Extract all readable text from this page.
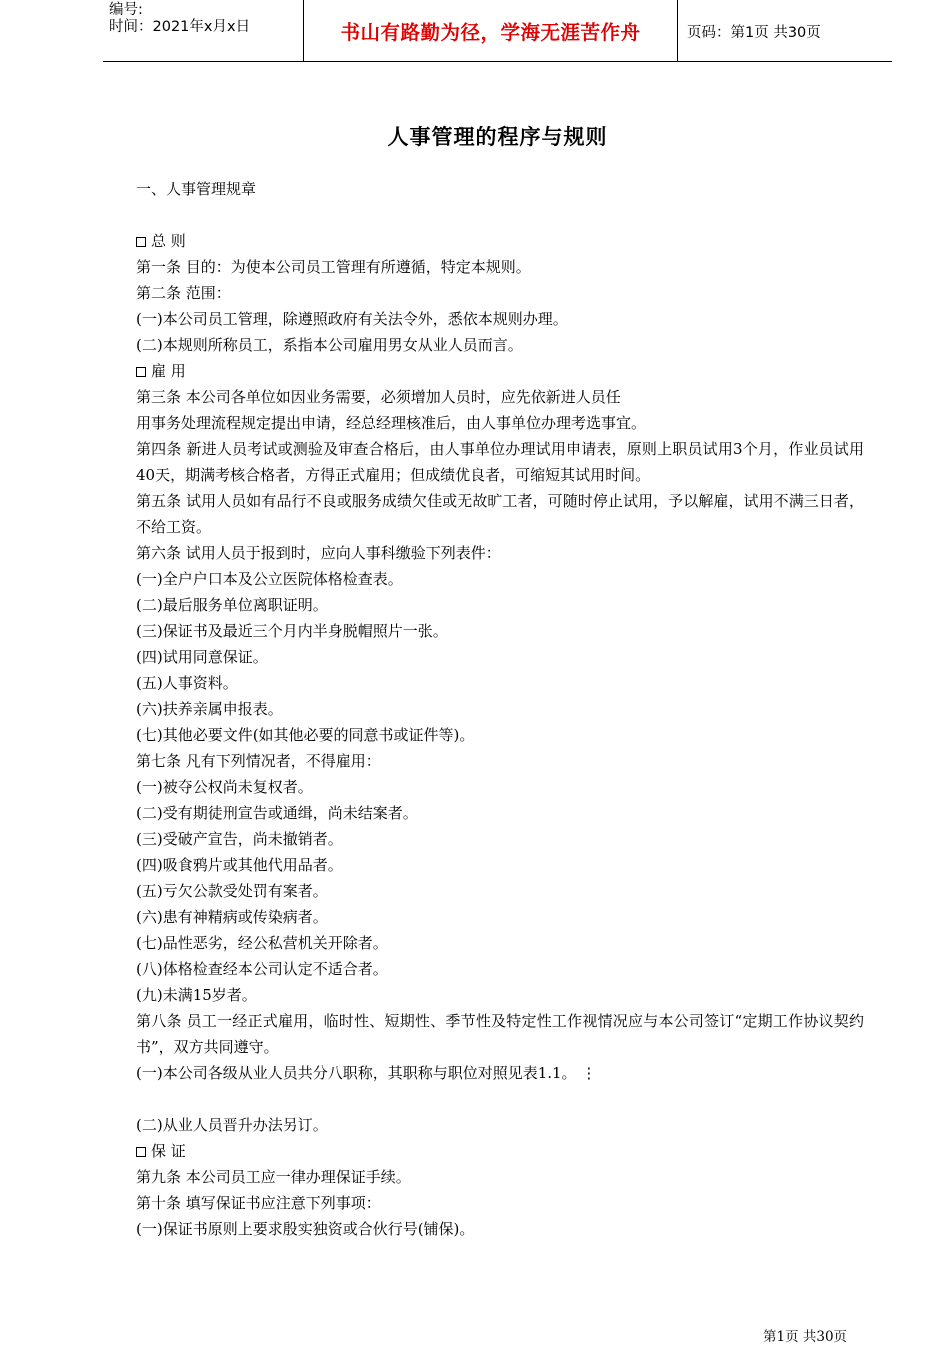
编号:
时间：2021年x月x日	书山有路勤为径，学海无涯苦作舟	页码：第1页 共30页
人事管理的程序与规则
一、人事管理规章
总 则
第一条 目的：为使本公司员工管理有所遵循，特定本规则。
第二条 范围：
(一)本公司员工管理，除遵照政府有关法令外，悉依本规则办理。
(二)本规则所称员工，系指本公司雇用男女从业人员而言。
雇 用
第三条 本公司各单位如因业务需要，必须增加人员时，应先依新进人员任
用事务处理流程规定提出申请，经总经理核准后，由人事单位办理考选事宜。
第四条 新进人员考试或测验及审查合格后，由人事单位办理试用申请表，原则上职员试用3个月，作业员试用40天，期满考核合格者，方得正式雇用；但成绩优良者，可缩短其试用时间。
第五条 试用人员如有品行不良或服务成绩欠佳或无故旷工者，可随时停止试用，予以解雇，试用不满三日者，不给工资。
第六条 试用人员于报到时，应向人事科缴验下列表件：
(一)全户户口本及公立医院体格检查表。
(二)最后服务单位离职证明。
(三)保证书及最近三个月内半身脱帽照片一张。
(四)试用同意保证。
(五)人事资料。
(六)扶养亲属申报表。
(七)其他必要文件(如其他必要的同意书或证件等)。
第七条 凡有下列情况者，不得雇用：
(一)被夺公权尚未复权者。
(二)受有期徒刑宣告或通缉，尚未结案者。
(三)受破产宣告，尚未撤销者。
(四)吸食鸦片或其他代用品者。
(五)亏欠公款受处罚有案者。
(六)患有神精病或传染病者。
(七)品性恶劣，经公私营机关开除者。
(八)体格检查经本公司认定不适合者。
(九)未满15岁者。
第八条 员工一经正式雇用，临时性、短期性、季节性及特定性工作视情况应与本公司签订“定期工作协议契约书”，双方共同遵守。
(一)本公司各级从业人员共分八职称，其职称与职位对照见表1.1。 ⋮
(二)从业人员晋升办法另订。
保 证
第九条 本公司员工应一律办理保证手续。
第十条 填写保证书应注意下列事项：
(一)保证书原则上要求殷实独资或合伙行号(铺保)。
第1页 共30页
